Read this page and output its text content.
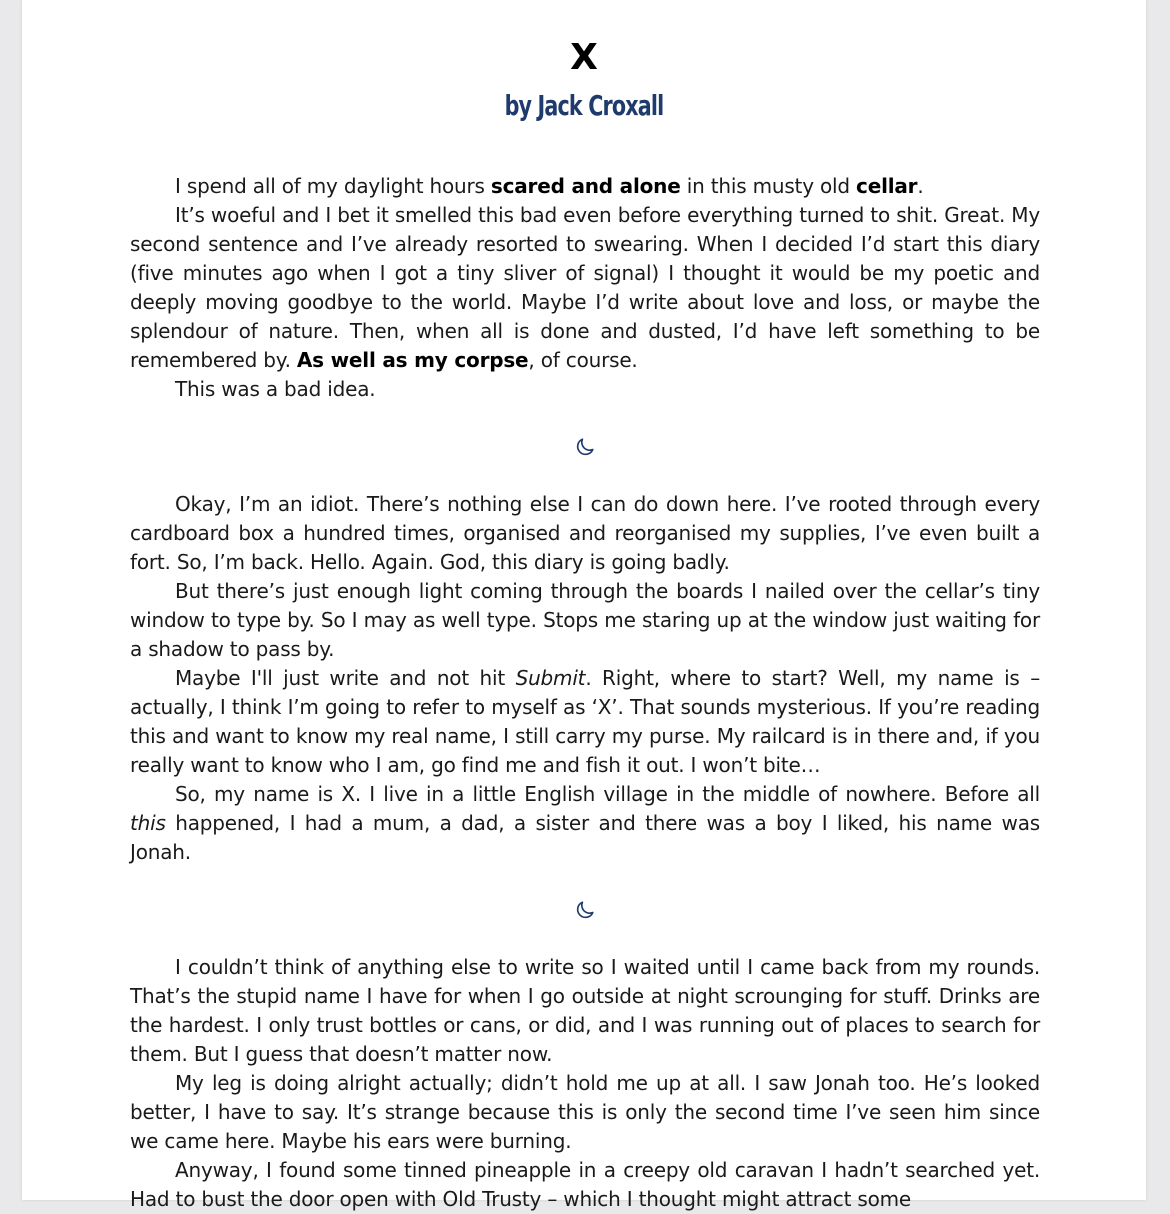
X
by Jack Croxall

I spend all of my daylight hours scared and alone in this musty old cellar.

It’s woeful and I bet it smelled this bad even before everything turned to shit. Great. My second sentence and I’ve already resorted to swearing. When I decided I’d start this diary (five minutes ago when I got a tiny sliver of signal) I thought it would be my poetic and deeply moving goodbye to the world. Maybe I’d write about love and loss, or maybe the splendour of nature. Then, when all is done and dusted, I’d have left something to be remembered by. As well as my corpse, of course.

This was a bad idea.

Okay, I’m an idiot. There’s nothing else I can do down here. I’ve rooted through every cardboard box a hundred times, organised and reorganised my supplies, I’ve even built a fort. So, I’m back. Hello. Again. God, this diary is going badly.

But there’s just enough light coming through the boards I nailed over the cellar’s tiny window to type by. So I may as well type. Stops me staring up at the window just waiting for a shadow to pass by.

Maybe I'll just write and not hit Submit. Right, where to start? Well, my name is – actually, I think I’m going to refer to myself as ‘X’. That sounds mysterious. If you’re reading this and want to know my real name, I still carry my purse. My railcard is in there and, if you really want to know who I am, go find me and fish it out. I won’t bite…

So, my name is X. I live in a little English village in the middle of nowhere. Before all this happened, I had a mum, a dad, a sister and there was a boy I liked, his name was Jonah.

I couldn’t think of anything else to write so I waited until I came back from my rounds. That’s the stupid name I have for when I go outside at night scrounging for stuff. Drinks are the hardest. I only trust bottles or cans, or did, and I was running out of places to search for them. But I guess that doesn’t matter now.

My leg is doing alright actually; didn’t hold me up at all. I saw Jonah too. He’s looked better, I have to say. It’s strange because this is only the second time I’ve seen him since we came here. Maybe his ears were burning.

Anyway, I found some tinned pineapple in a creepy old caravan I hadn’t searched yet. Had to bust the door open with Old Trusty – which I thought might attract some
